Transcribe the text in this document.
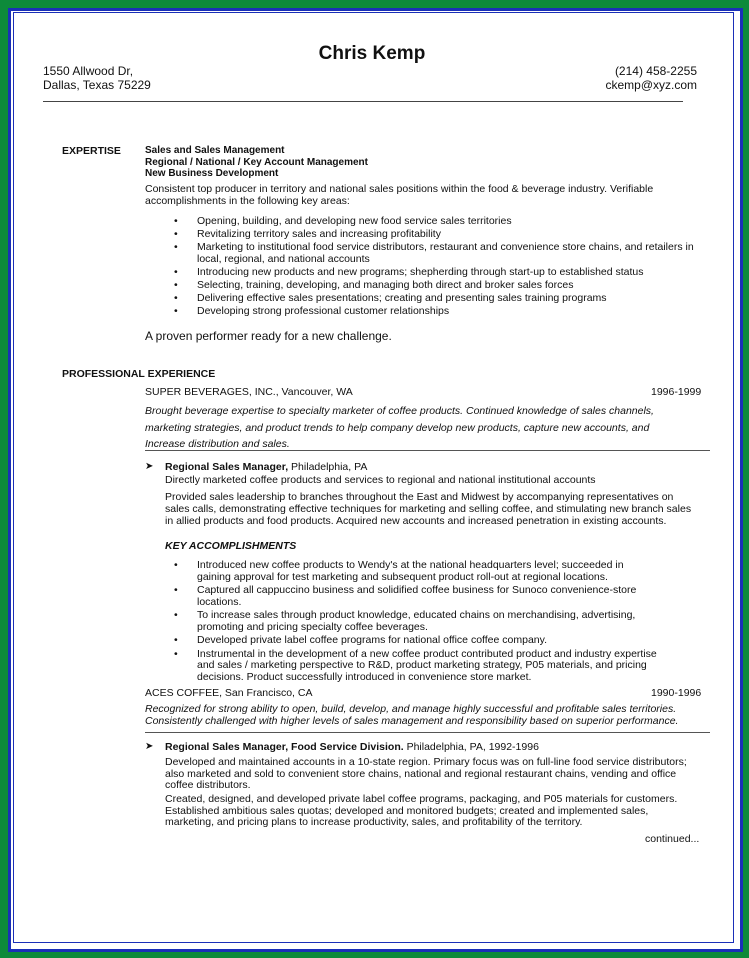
Chris Kemp
1550 Allwood Dr,
Dallas, Texas 75229
(214) 458-2255
ckemp@xyz.com
EXPERTISE Sales and Sales Management
Regional / National / Key Account Management
New Business Development
Consistent top producer in territory and national sales positions within the food & beverage industry. Verifiable accomplishments in the following key areas:
• Opening, building, and developing new food service sales territories
• Revitalizing territory sales and increasing profitability
• Marketing to institutional food service distributors, restaurant and convenience store chains, and retailers in local, regional, and national accounts
• Introducing new products and new programs; shepherding through start-up to established status
• Selecting, training, developing, and managing both direct and broker sales forces
• Delivering effective sales presentations; creating and presenting sales training programs
• Developing strong professional customer relationships
A proven performer ready for a new challenge.
PROFESSIONAL EXPERIENCE
SUPER BEVERAGES, INC., Vancouver, WA	1996-1999
Brought beverage expertise to specialty marketer of coffee products. Continued knowledge of sales channels,
marketing strategies, and product trends to help company develop new products, capture new accounts, and
Increase distribution and sales.
➤ Regional Sales Manager, Philadelphia, PA
Directly marketed coffee products and services to regional and national institutional accounts
Provided sales leadership to branches throughout the East and Midwest by accompanying representatives on sales calls, demonstrating effective techniques for marketing and selling coffee, and stimulating new branch sales in allied products and food products. Acquired new accounts and increased penetration in existing accounts.
KEY ACCOMPLISHMENTS
• Introduced new coffee products to Wendy's at the national headquarters level; succeeded in gaining approval for test marketing and subsequent product roll-out at regional locations.
• Captured all cappuccino business and solidified coffee business for Sunoco convenience-store locations.
• To increase sales through product knowledge, educated chains on merchandising, advertising, promoting and pricing specialty coffee beverages.
• Developed private label coffee programs for national office coffee company.
• Instrumental in the development of a new coffee product contributed product and industry expertise and sales / marketing perspective to R&D, product marketing strategy, P05 materials, and pricing decisions. Product successfully introduced in convenience store market.
ACES COFFEE, San Francisco, CA	1990-1996
Recognized for strong ability to open, build, develop, and manage highly successful and profitable sales territories.
Consistently challenged with higher levels of sales management and responsibility based on superior performance.
➤ Regional Sales Manager, Food Service Division. Philadelphia, PA, 1992-1996
Developed and maintained accounts in a 10-state region. Primary focus was on full-line food service distributors; also marketed and sold to convenient store chains, national and regional restaurant chains, vending and office coffee distributors.
Created, designed, and developed private label coffee programs, packaging, and P05 materials for customers. Established ambitious sales quotas; developed and monitored budgets; created and implemented sales, marketing, and pricing plans to increase productivity, sales, and profitability of the territory.
continued...
